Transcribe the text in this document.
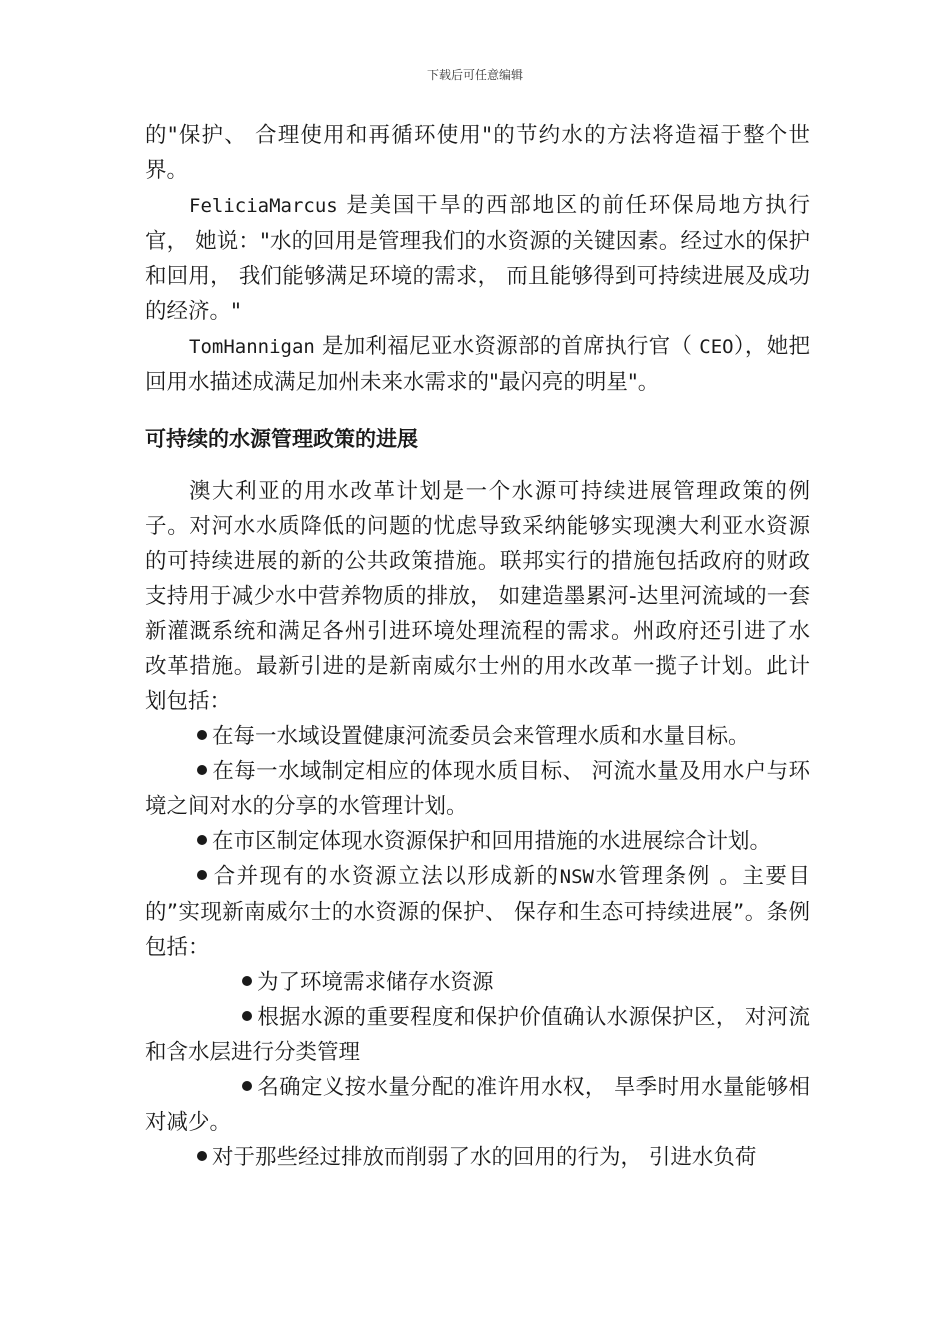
下载后可任意编辑

的"保护、 合理使用和再循环使用"的节约水的方法将造福于整个世界。

FeliciaMarcus 是美国干旱的西部地区的前任环保局地方执行官， 她说："水的回用是管理我们的水资源的关键因素。经过水的保护和回用， 我们能够满足环境的需求， 而且能够得到可持续进展及成功的经济。"

TomHannigan 是加利福尼亚水资源部的首席执行官（ CEO），她把回用水描述成满足加州未来水需求的"最闪亮的明星"。

可持续的水源管理政策的进展

澳大利亚的用水改革计划是一个水源可持续进展管理政策的例子。对河水水质降低的问题的忧虑导致采纳能够实现澳大利亚水资源的可持续进展的新的公共政策措施。联邦实行的措施包括政府的财政支持用于减少水中营养物质的排放， 如建造墨累河-达里河流域的一套新灌溉系统和满足各州引进环境处理流程的需求。州政府还引进了水改革措施。最新引进的是新南威尔士州的用水改革一揽子计划。此计划包括：

在每一水域设置健康河流委员会来管理水质和水量目标。

在每一水域制定相应的体现水质目标、 河流水量及用水户与环境之间对水的分享的水管理计划。

在市区制定体现水资源保护和回用措施的水进展综合计划。

合并现有的水资源立法以形成新的NSW水管理条例 。主要目的”实现新南威尔士的水资源的保护、 保存和生态可持续进展”。条例包括：

为了环境需求储存水资源

根据水源的重要程度和保护价值确认水源保护区， 对河流和含水层进行分类管理

名确定义按水量分配的准许用水权， 旱季时用水量能够相对减少。

对于那些经过排放而削弱了水的回用的行为， 引进水负荷
